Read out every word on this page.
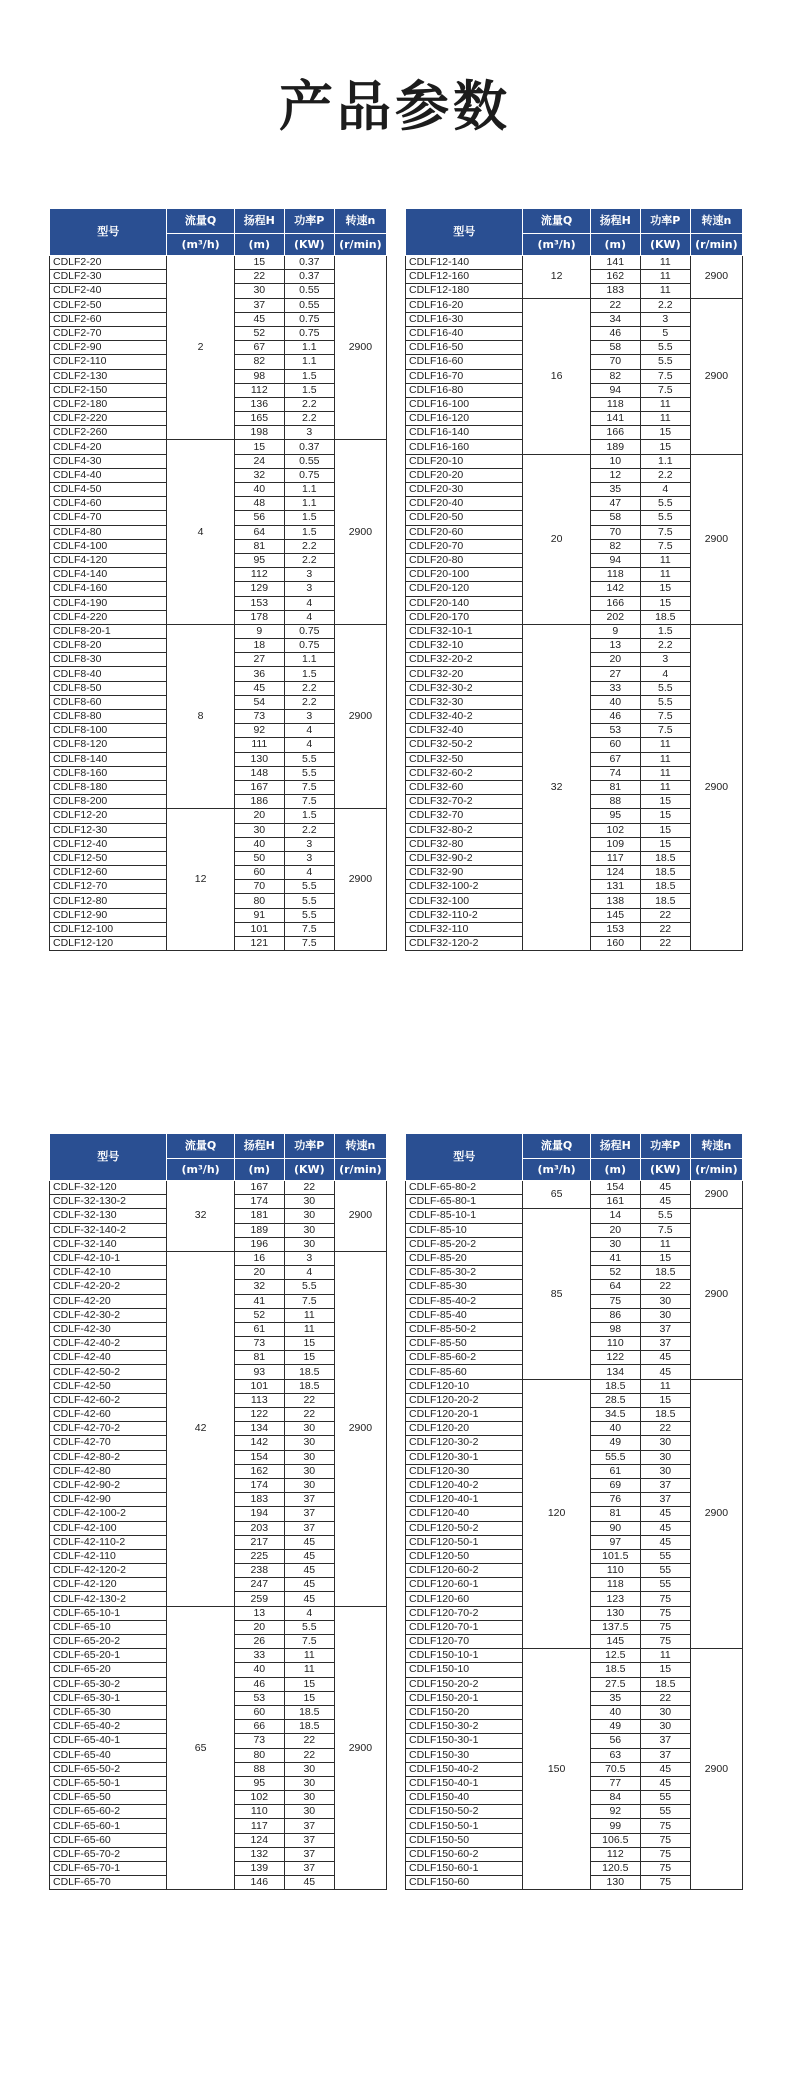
产品参数
型号	流量Q	扬程H	功率P	转速n
	(m³/h)	(m)	(KW)	(r/min)
CDLF2-20	2	15	0.37	2900
CDLF2-30		22	0.37	
CDLF2-40		30	0.55	
CDLF2-50		37	0.55	
CDLF2-60		45	0.75	
CDLF2-70		52	0.75	
CDLF2-90		67	1.1	
CDLF2-110		82	1.1	
CDLF2-130		98	1.5	
CDLF2-150		112	1.5	
CDLF2-180		136	2.2	
CDLF2-220		165	2.2	
CDLF2-260		198	3	
CDLF4-20	4	15	0.37	2900
CDLF4-30		24	0.55	
CDLF4-40		32	0.75	
CDLF4-50		40	1.1	
CDLF4-60		48	1.1	
CDLF4-70		56	1.5	
CDLF4-80		64	1.5	
CDLF4-100		81	2.2	
CDLF4-120		95	2.2	
CDLF4-140		112	3	
CDLF4-160		129	3	
CDLF4-190		153	4	
CDLF4-220		178	4	
CDLF8-20-1	8	9	0.75	2900
CDLF8-20		18	0.75	
CDLF8-30		27	1.1	
CDLF8-40		36	1.5	
CDLF8-50		45	2.2	
CDLF8-60		54	2.2	
CDLF8-80		73	3	
CDLF8-100		92	4	
CDLF8-120		111	4	
CDLF8-140		130	5.5	
CDLF8-160		148	5.5	
CDLF8-180		167	7.5	
CDLF8-200		186	7.5	
CDLF12-20	12	20	1.5	2900
CDLF12-30		30	2.2	
CDLF12-40		40	3	
CDLF12-50		50	3	
CDLF12-60		60	4	
CDLF12-70		70	5.5	
CDLF12-80		80	5.5	
CDLF12-90		91	5.5	
CDLF12-100		101	7.5	
CDLF12-120		121	7.5	
型号	流量Q	扬程H	功率P	转速n
	(m³/h)	(m)	(KW)	(r/min)
CDLF12-140	12	141	11	2900
CDLF12-160		162	11	
CDLF12-180		183	11	
CDLF16-20	16	22	2.2	2900
CDLF16-30		34	3	
CDLF16-40		46	5	
CDLF16-50		58	5.5	
CDLF16-60		70	5.5	
CDLF16-70		82	7.5	
CDLF16-80		94	7.5	
CDLF16-100		118	11	
CDLF16-120		141	11	
CDLF16-140		166	15	
CDLF16-160		189	15	
CDLF20-10	20	10	1.1	2900
CDLF20-20		12	2.2	
CDLF20-30		35	4	
CDLF20-40		47	5.5	
CDLF20-50		58	5.5	
CDLF20-60		70	7.5	
CDLF20-70		82	7.5	
CDLF20-80		94	11	
CDLF20-100		118	11	
CDLF20-120		142	15	
CDLF20-140		166	15	
CDLF20-170		202	18.5	
CDLF32-10-1	32	9	1.5	2900
CDLF32-10		13	2.2	
CDLF32-20-2		20	3	
CDLF32-20		27	4	
CDLF32-30-2		33	5.5	
CDLF32-30		40	5.5	
CDLF32-40-2		46	7.5	
CDLF32-40		53	7.5	
CDLF32-50-2		60	11	
CDLF32-50		67	11	
CDLF32-60-2		74	11	
CDLF32-60		81	11	
CDLF32-70-2		88	15	
CDLF32-70		95	15	
CDLF32-80-2		102	15	
CDLF32-80		109	15	
CDLF32-90-2		117	18.5	
CDLF32-90		124	18.5	
CDLF32-100-2		131	18.5	
CDLF32-100		138	18.5	
CDLF32-110-2		145	22	
CDLF32-110		153	22	
CDLF32-120-2		160	22	
型号	流量Q	扬程H	功率P	转速n
	(m³/h)	(m)	(KW)	(r/min)
CDLF-32-120	32	167	22	2900
CDLF-32-130-2		174	30	
CDLF-32-130		181	30	
CDLF-32-140-2		189	30	
CDLF-32-140		196	30	
CDLF-42-10-1	42	16	3	2900
CDLF-42-10		20	4	
CDLF-42-20-2		32	5.5	
CDLF-42-20		41	7.5	
CDLF-42-30-2		52	11	
CDLF-42-30		61	11	
CDLF-42-40-2		73	15	
CDLF-42-40		81	15	
CDLF-42-50-2		93	18.5	
CDLF-42-50		101	18.5	
CDLF-42-60-2		113	22	
CDLF-42-60		122	22	
CDLF-42-70-2		134	30	
CDLF-42-70		142	30	
CDLF-42-80-2		154	30	
CDLF-42-80		162	30	
CDLF-42-90-2		174	30	
CDLF-42-90		183	37	
CDLF-42-100-2		194	37	
CDLF-42-100		203	37	
CDLF-42-110-2		217	45	
CDLF-42-110		225	45	
CDLF-42-120-2		238	45	
CDLF-42-120		247	45	
CDLF-42-130-2		259	45	
CDLF-65-10-1	65	13	4	2900
CDLF-65-10		20	5.5	
CDLF-65-20-2		26	7.5	
CDLF-65-20-1		33	11	
CDLF-65-20		40	11	
CDLF-65-30-2		46	15	
CDLF-65-30-1		53	15	
CDLF-65-30		60	18.5	
CDLF-65-40-2		66	18.5	
CDLF-65-40-1		73	22	
CDLF-65-40		80	22	
CDLF-65-50-2		88	30	
CDLF-65-50-1		95	30	
CDLF-65-50		102	30	
CDLF-65-60-2		110	30	
CDLF-65-60-1		117	37	
CDLF-65-60		124	37	
CDLF-65-70-2		132	37	
CDLF-65-70-1		139	37	
CDLF-65-70		146	45	
型号	流量Q	扬程H	功率P	转速n
	(m³/h)	(m)	(KW)	(r/min)
CDLF-65-80-2	65	154	45	2900
CDLF-65-80-1		161	45	
CDLF-85-10-1	85	14	5.5	2900
CDLF-85-10		20	7.5	
CDLF-85-20-2		30	11	
CDLF-85-20		41	15	
CDLF-85-30-2		52	18.5	
CDLF-85-30		64	22	
CDLF-85-40-2		75	30	
CDLF-85-40		86	30	
CDLF-85-50-2		98	37	
CDLF-85-50		110	37	
CDLF-85-60-2		122	45	
CDLF-85-60		134	45	
CDLF120-10	120	18.5	11	2900
CDLF120-20-2		28.5	15	
CDLF120-20-1		34.5	18.5	
CDLF120-20		40	22	
CDLF120-30-2		49	30	
CDLF120-30-1		55.5	30	
CDLF120-30		61	30	
CDLF120-40-2		69	37	
CDLF120-40-1		76	37	
CDLF120-40		81	45	
CDLF120-50-2		90	45	
CDLF120-50-1		97	45	
CDLF120-50		101.5	55	
CDLF120-60-2		110	55	
CDLF120-60-1		118	55	
CDLF120-60		123	75	
CDLF120-70-2		130	75	
CDLF120-70-1		137.5	75	
CDLF120-70		145	75	
CDLF150-10-1	150	12.5	11	2900
CDLF150-10		18.5	15	
CDLF150-20-2		27.5	18.5	
CDLF150-20-1		35	22	
CDLF150-20		40	30	
CDLF150-30-2		49	30	
CDLF150-30-1		56	37	
CDLF150-30		63	37	
CDLF150-40-2		70.5	45	
CDLF150-40-1		77	45	
CDLF150-40		84	55	
CDLF150-50-2		92	55	
CDLF150-50-1		99	75	
CDLF150-50		106.5	75	
CDLF150-60-2		112	75	
CDLF150-60-1		120.5	75	
CDLF150-60		130	75	
